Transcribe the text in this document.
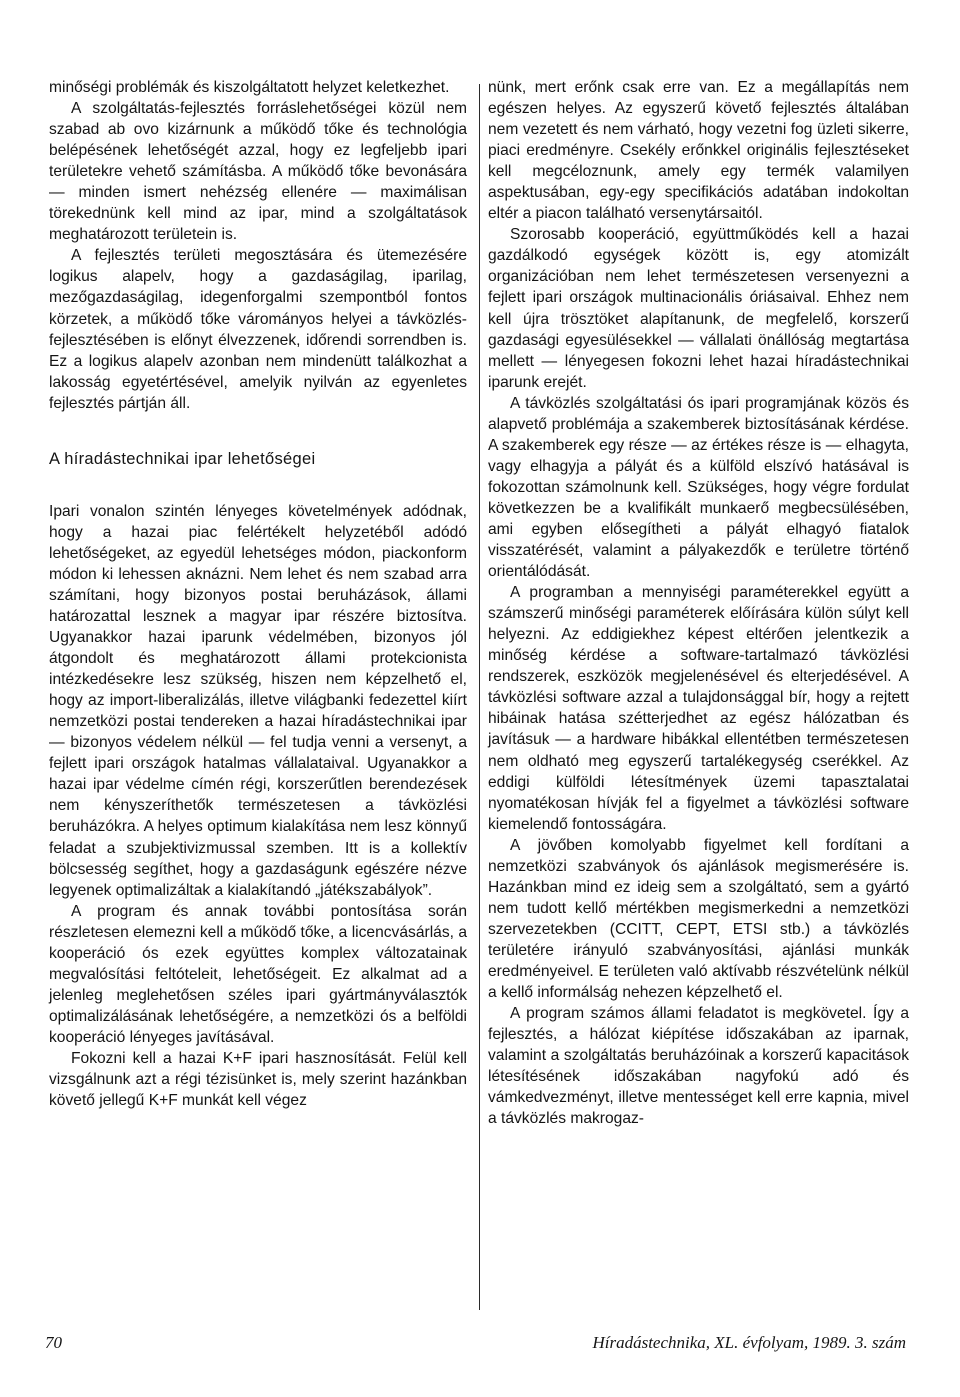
minőségi problémák és kiszolgáltatott helyzet keletkezhet.

A szolgáltatás-fejlesztés forráslehetőségei közül nem szabad ab ovo kizárnunk a működő tőke és technológia belépésének lehetőségét azzal, hogy ez legfeljebb ipari területekre vehető számításba. A működő tőke bevonására — minden ismert nehézség ellenére — maximálisan törekednünk kell mind az ipar, mind a szolgáltatások meghatározott területein is.

A fejlesztés területi megosztására és ütemezésére logikus alapelv, hogy a gazdaságilag, iparilag, mezőgazdaságilag, idegenforgalmi szempontból fontos körzetek, a működő tőke várományos helyei a távközlés-fejlesztésében is előnyt élvezzenek, időrendi sorrendben is. Ez a logikus alapelv azonban nem mindenütt találkozhat a lakosság egyetértésével, amelyik nyilván az egyenletes fejlesztés pártján áll.

A híradástechnikai ipar lehetőségei

Ipari vonalon szintén lényeges követelmények adódnak, hogy a hazai piac felértékelt helyzetéből adódó lehetőségeket, az egyedül lehetséges módon, piackonform módon ki lehessen aknázni. Nem lehet és nem szabad arra számítani, hogy bizonyos postai beruházások, állami határozattal lesznek a magyar ipar részére biztosítva. Ugyanakkor hazai iparunk védelmében, bizonyos jól átgondolt és meghatározott állami protekcionista intézkedésekre lesz szükség, hiszen nem képzelhető el, hogy az import-liberalizálás, illetve világbanki fedezettel kiírt nemzetközi postai tendereken a hazai híradástechnikai ipar — bizonyos védelem nélkül — fel tudja venni a versenyt, a fejlett ipari országok hatalmas vállalataival. Ugyanakkor a hazai ipar védelme címén régi, korszerűtlen berendezések nem kényszeríthetők természetesen a távközlési beruházókra. A helyes optimum kialakítása nem lesz könnyű feladat a szubjektivizmussal szemben. Itt is a kollektív bölcsesség segíthet, hogy a gazdaságunk egészére nézve legyenek optimalizáltak a kialakítandó „játékszabályok”.

A program és annak további pontosítása során részletesen elemezni kell a működő tőke, a licencvásárlás, a kooperáció ós ezek együttes komplex változatainak megvalósítási feltóteleit, lehetőségeit. Ez alkalmat ad a jelenleg meglehetősen széles ipari gyártmányválasztók optimalizálásának lehetőségére, a nemzetközi ós a belföldi kooperáció lényeges javításával.

Fokozni kell a hazai K+F ipari hasznosítását. Felül kell vizsgálnunk azt a régi tézisünket is, mely szerint hazánkban követő jellegű K+F munkát kell végez

nünk, mert erőnk csak erre van. Ez a megállapítás nem egészen helyes. Az egyszerű követő fejlesztés általában nem vezetett és nem várható, hogy vezetni fog üzleti sikerre, piaci eredményre. Csekély erőnkkel originális fejlesztéseket kell megcéloznunk, amely egy termék valamilyen aspektusában, egy-egy specifikációs adatában indokoltan eltér a piacon található versenytársaitól.

Szorosabb kooperáció, együttműködés kell a hazai gazdálkodó egységek között is, egy atomizált organizációban nem lehet természetesen versenyezni a fejlett ipari országok multinacionális óriásaival. Ehhez nem kell újra trösztöket alapítanunk, de megfelelő, korszerű gazdasági egyesülésekkel — vállalati önállóság megtartása mellett — lényegesen fokozni lehet hazai híradástechnikai iparunk erejét.

A távközlés szolgáltatási ós ipari programjának közös és alapvető problémája a szakemberek biztosításának kérdése. A szakemberek egy része — az értékes része is — elhagyta, vagy elhagyja a pályát és a külföld elszívó hatásával is fokozottan számolnunk kell. Szükséges, hogy végre fordulat következzen be a kvalifikált munkaerő megbecsülésében, ami egyben elősegítheti a pályát elhagyó fiatalok visszatérését, valamint a pályakezdők e területre történő orientálódását.

A programban a mennyiségi paraméterekkel együtt a számszerű minőségi paraméterek előírására külön súlyt kell helyezni. Az eddigiekhez képest eltérően jelentkezik a minőség kérdése a software-tartalmazó távközlési rendszerek, eszközök megjelenésével és elterjedésével. A távközlési software azzal a tulajdonsággal bír, hogy a rejtett hibáinak hatása szétterjedhet az egész hálózatban és javításuk — a hardware hibákkal ellentétben természetesen nem oldható meg egyszerű tartalékegység cserékkel. Az eddigi külföldi létesítmények üzemi tapasztalatai nyomatékosan hívják fel a figyelmet a távközlési software kiemelendő fontosságára.

A jövőben komolyabb figyelmet kell fordítani a nemzetközi szabványok ós ajánlások megismerésére is. Hazánkban mind ez ideig sem a szolgáltató, sem a gyártó nem tudott kellő mértékben megismerkedni a nemzetközi szervezetekben (CCITT, CEPT, ETSI stb.) a távközlés területére irányuló szabványosítási, ajánlási munkák eredményeivel. E területen való aktívabb részvételünk nélkül a kellő informálság nehezen képzelhető el.

A program számos állami feladatot is megkövetel. Így a fejlesztés, a hálózat kiépítése időszakában az iparnak, valamint a szolgáltatás beruházóinak a korszerű kapacitások létesítésének időszakában nagyfokú adó és vámkedvezményt, illetve mentességet kell erre kapnia, mivel a távközlés makrogaz-

70	Híradástechnika, XL. évfolyam, 1989. 3. szám
